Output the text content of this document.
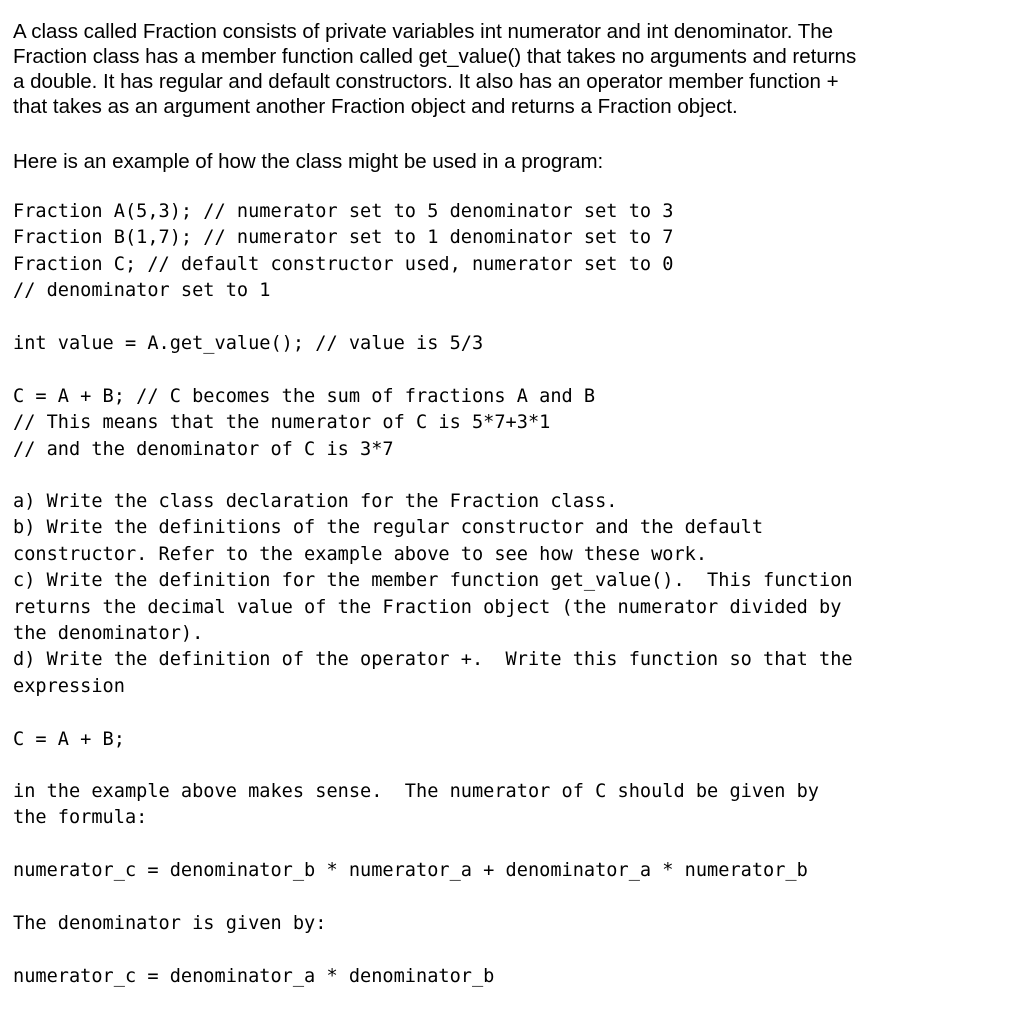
A class called Fraction consists of private variables int numerator and int denominator. The
Fraction class has a member function called get_value() that takes no arguments and returns
a double. It has regular and default constructors. It also has an operator member function +
that takes as an argument another Fraction object and returns a Fraction object.
Here is an example of how the class might be used in a program:
Fraction A(5,3); // numerator set to 5 denominator set to 3
Fraction B(1,7); // numerator set to 1 denominator set to 7
Fraction C; // default constructor used, numerator set to 0
// denominator set to 1
int value = A.get_value(); // value is 5/3
C = A + B; // C becomes the sum of fractions A and B
// This means that the numerator of C is 5*7+3*1
// and the denominator of C is 3*7
a) Write the class declaration for the Fraction class.
b) Write the definitions of the regular constructor and the default
constructor. Refer to the example above to see how these work.
c) Write the definition for the member function get_value().  This function
returns the decimal value of the Fraction object (the numerator divided by
the denominator).
d) Write the definition of the operator +.  Write this function so that the
expression
C = A + B;
in the example above makes sense.  The numerator of C should be given by
the formula:
numerator_c = denominator_b * numerator_a + denominator_a * numerator_b
The denominator is given by:
numerator_c = denominator_a * denominator_b
